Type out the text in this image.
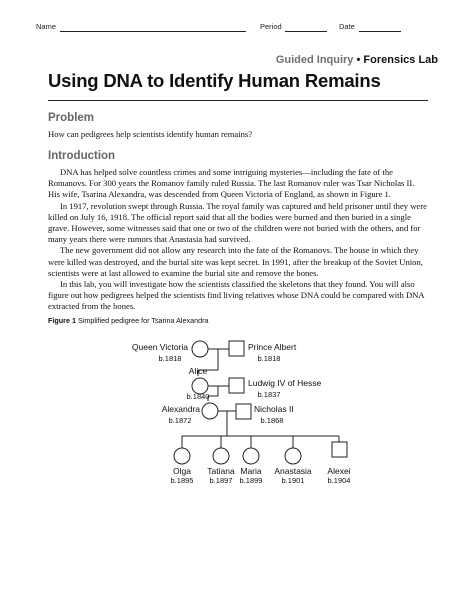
Name	Period	Date
Guided Inquiry • Forensics Lab
Using DNA to Identify Human Remains
Problem
How can pedigrees help scientists identify human remains?
Introduction

DNA has helped solve countless crimes and some intriguing mysteries—including the fate of the Romanovs. For 300 years the Romanov family ruled Russia. The last Romanov ruler was Tsar Nicholas II. His wife, Tsarina Alexandra, was descended from Queen Victoria of England, as shown in Figure 1.

In 1917, revolution swept through Russia. The royal family was captured and held prisoner until they were killed on July 16, 1918. The official report said that all the bodies were burned and then buried in a single grave. However, some witnesses said that one or two of the children were not buried with the others, and for many years there were rumors that Anastasia had survived.

The new government did not allow any research into the fate of the Romanovs. The house in which they were killed was destroyed, and the burial site was kept secret. In 1991, after the breakup of the Soviet Union, scientists were at last allowed to examine the burial site and remove the bones.

In this lab, you will investigate how the scientists classified the skeletons that they found. You will also figure out how pedigrees helped the scientists find living relatives whose DNA could be compared with DNA extracted from the bones.

Figure 1 Simplified pedigree for Tsarina Alexandra
Queen Victoria
b.1818
Prince Albert
b.1818
Alice
b.1840
Ludwig IV of Hesse
b.1837
Alexandra
b.1872
Nicholas II
b.1868
Olga
b.1895
Tatiana
b.1897
Maria
b.1899
Anastasia
b.1901
Alexei
b.1904
